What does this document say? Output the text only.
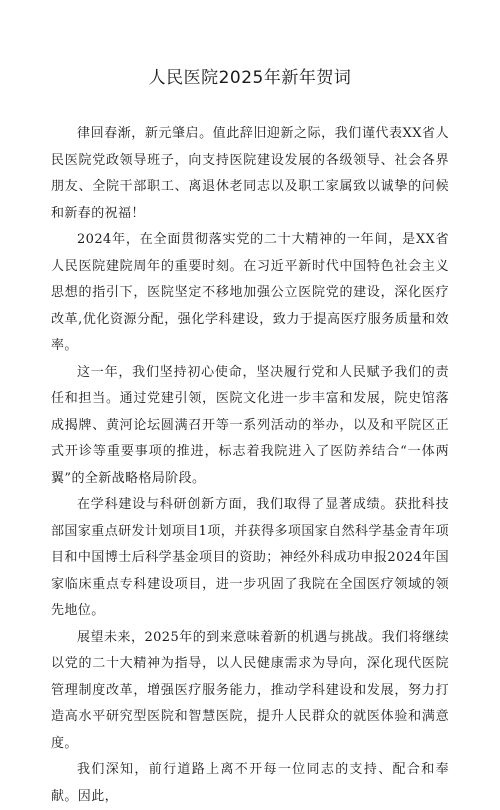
人民医院2025年新年贺词

律回春渐，新元肇启。值此辞旧迎新之际，我们谨代表XX省人民医院党政领导班子，向支持医院建设发展的各级领导、社会各界朋友、全院干部职工、离退休老同志以及职工家属致以诚挚的问候和新春的祝福！

2024年，在全面贯彻落实党的二十大精神的一年间，是XX省人民医院建院周年的重要时刻。在习近平新时代中国特色社会主义思想的指引下，医院坚定不移地加强公立医院党的建设，深化医疗改革,优化资源分配，强化学科建设，致力于提高医疗服务质量和效率。

这一年，我们坚持初心使命，坚决履行党和人民赋予我们的责任和担当。通过党建引领，医院文化进一步丰富和发展，院史馆落成揭牌、黄河论坛圆满召开等一系列活动的举办，以及和平院区正式开诊等重要事项的推进，标志着我院进入了医防养结合“一体两翼”的全新战略格局阶段。

在学科建设与科研创新方面，我们取得了显著成绩。获批科技部国家重点研发计划项目1项，并获得多项国家自然科学基金青年项目和中国博士后科学基金项目的资助；神经外科成功申报2024年国家临床重点专科建设项目，进一步巩固了我院在全国医疗领域的领先地位。

展望未来，2025年的到来意味着新的机遇与挑战。我们将继续以党的二十大精神为指导，以人民健康需求为导向，深化现代医院管理制度改革，增强医疗服务能力，推动学科建设和发展，努力打造高水平研究型医院和智慧医院，提升人民群众的就医体验和满意度。

我们深知，前行道路上离不开每一位同志的支持、配合和奉献。因此，
